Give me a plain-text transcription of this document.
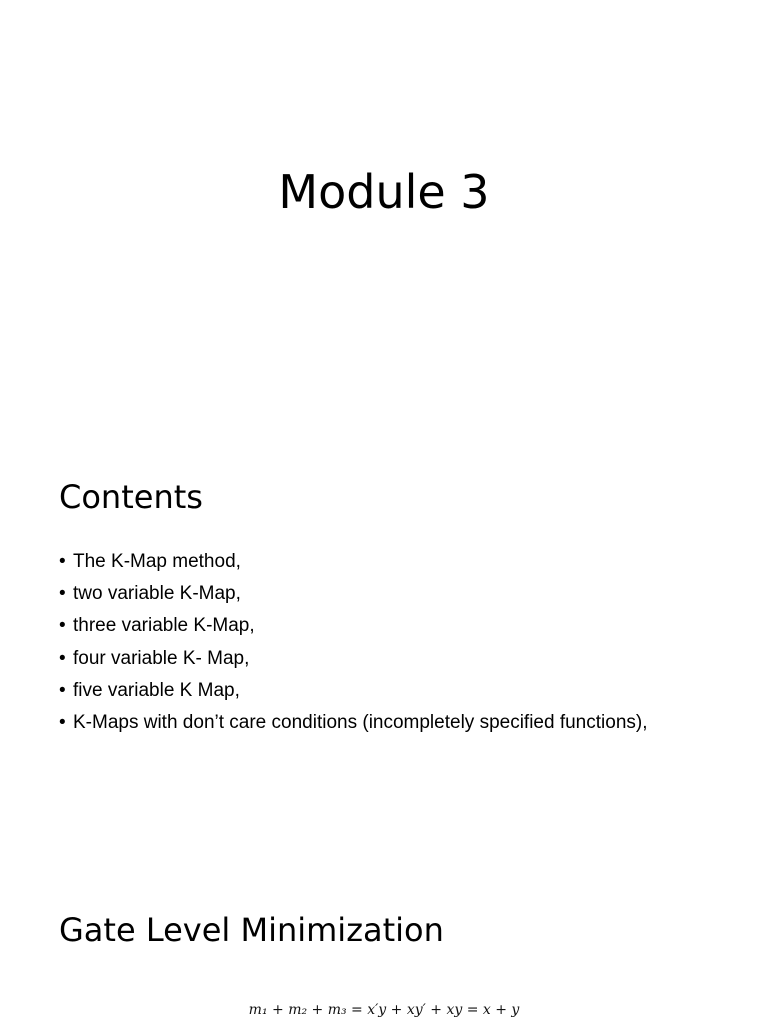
Module 3
Contents
• The K-Map method,
• two variable K-Map,
• three variable K-Map,
• four variable K- Map,
• five variable K Map,
• K-Maps with don’t care conditions (incompletely specified functions),
Gate Level Minimization
m₁ + m₂ + m₃ = x′y + xy′ + xy = x + y
